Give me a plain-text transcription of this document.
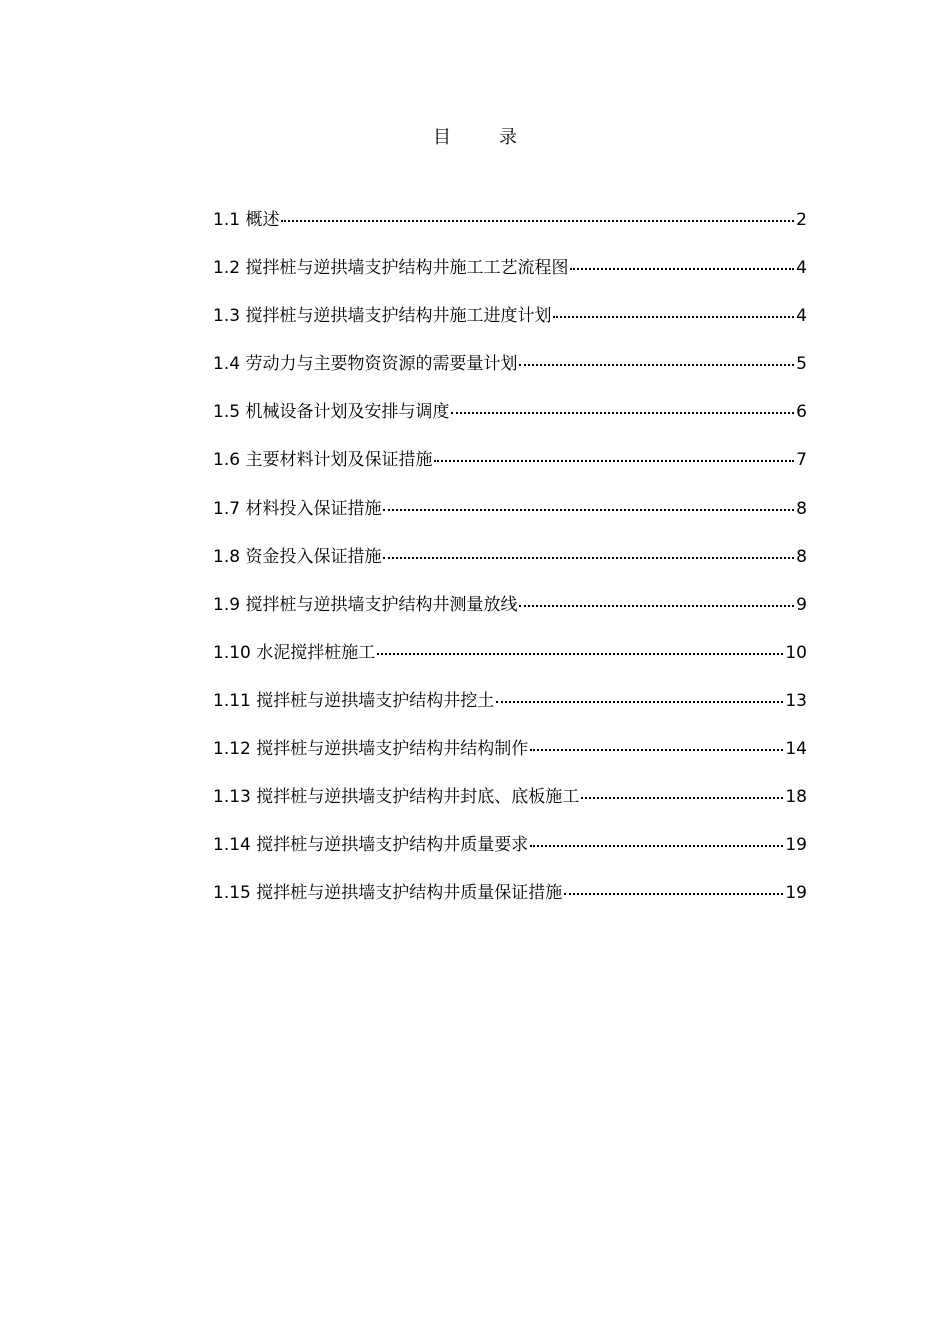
目	录
1.1 概述	2
1.2 搅拌桩与逆拱墙支护结构井施工工艺流程图	4
1.3 搅拌桩与逆拱墙支护结构井施工进度计划	4
1.4 劳动力与主要物资资源的需要量计划	5
1.5 机械设备计划及安排与调度	6
1.6 主要材料计划及保证措施	7
1.7 材料投入保证措施	8
1.8 资金投入保证措施	8
1.9 搅拌桩与逆拱墙支护结构井测量放线	9
1.10 水泥搅拌桩施工	10
1.11 搅拌桩与逆拱墙支护结构井挖土	13
1.12 搅拌桩与逆拱墙支护结构井结构制作	14
1.13 搅拌桩与逆拱墙支护结构井封底、底板施工	18
1.14 搅拌桩与逆拱墙支护结构井质量要求	19
1.15 搅拌桩与逆拱墙支护结构井质量保证措施	19
